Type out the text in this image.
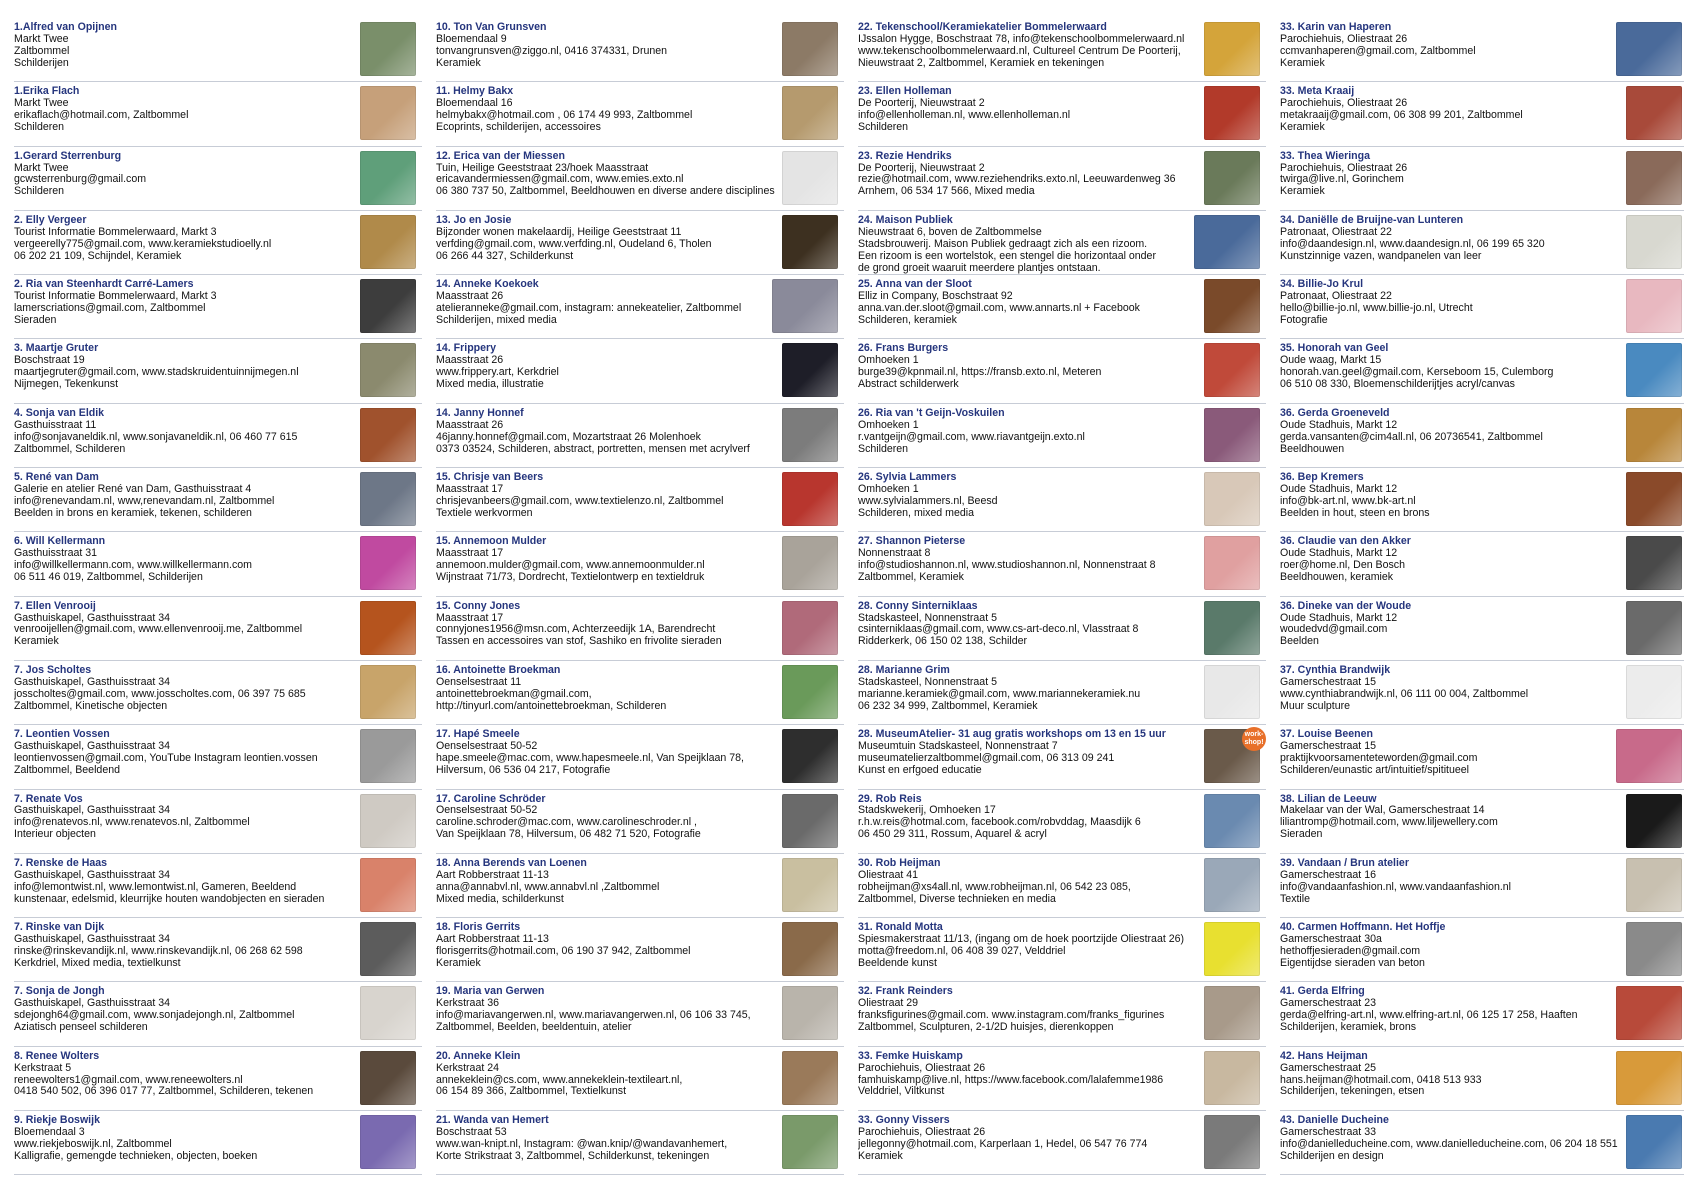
1.Alfred van Opijnen
Markt Twee
Zaltbommel
Schilderijen
1.Erika Flach
Markt Twee
erikaflach@hotmail.com, Zaltbommel
Schilderen
1.Gerard Sterrenburg
Markt Twee
gcwsterrenburg@gmail.com
Schilderen
2. Elly Vergeer
Tourist Informatie Bommelerwaard, Markt 3
vergeerelly775@gmail.com, www.keramiekstudioelly.nl
06 202 21 109, Schijndel, Keramiek
2. Ria van Steenhardt Carré-Lamers
Tourist Informatie Bommelerwaard, Markt 3
lamerscriations@gmail.com, Zaltbommel
Sieraden
3. Maartje Gruter
Boschstraat 19
maartjegruter@gmail.com, www.stadskruidentuinnijmegen.nl
Nijmegen, Tekenkunst
4. Sonja van Eldik
Gasthuisstraat 11
info@sonjavaneldik.nl, www.sonjavaneldik.nl, 06 460 77 615
Zaltbommel, Schilderen
5. René van Dam
Galerie en atelier René van Dam, Gasthuisstraat 4
info@renevandam.nl, www,renevandam.nl, Zaltbommel
Beelden in brons en keramiek, tekenen, schilderen
6. Will Kellermann
Gasthuisstraat 31
info@willkellermann.com, www.willkellermann.com
06 511 46 019, Zaltbommel, Schilderijen
7. Ellen Venrooij
Gasthuiskapel, Gasthuisstraat 34
venrooijellen@gmail.com, www.ellenvenrooij.me, Zaltbommel
Keramiek
7. Jos Scholtes
Gasthuiskapel, Gasthuisstraat 34
josscholtes@gmail.com, www.josscholtes.com, 06 397 75 685
Zaltbommel, Kinetische objecten
7. Leontien Vossen
Gasthuiskapel, Gasthuisstraat 34
leontienvossen@gmail.com, YouTube Instagram leontien.vossen
Zaltbommel, Beeldend
7. Renate Vos
Gasthuiskapel, Gasthuisstraat 34
info@renatevos.nl, www.renatevos.nl, Zaltbommel
Interieur objecten
7. Renske de Haas
Gasthuiskapel, Gasthuisstraat 34
info@lemontwist.nl, www.lemontwist.nl, Gameren, Beeldend
kunstenaar, edelsmid, kleurrijke houten wandobjecten en sieraden
7. Rinske van Dijk
Gasthuiskapel, Gasthuisstraat 34
rinske@rinskevandijk.nl, www.rinskevandijk.nl, 06 268 62 598
Kerkdriel, Mixed media, textielkunst
7. Sonja de Jongh
Gasthuiskapel, Gasthuisstraat 34
sdejongh64@gmail.com, www.sonjadejongh.nl, Zaltbommel
Aziatisch penseel schilderen
8. Renee Wolters
Kerkstraat 5
reneewolters1@gmail.com, www.reneewolters.nl
0418 540 502, 06 396 017 77, Zaltbommel, Schilderen, tekenen
9. Riekje Boswijk
Bloemendaal 3
www.riekjeboswijk.nl, Zaltbommel
Kalligrafie, gemengde technieken, objecten, boeken
10. Ton Van Grunsven
Bloemendaal 9
tonvangrunsven@ziggo.nl, 0416 374331, Drunen
Keramiek
11. Helmy Bakx
Bloemendaal 16
helmybakx@hotmail.com , 06 174 49 993, Zaltbommel
Ecoprints, schilderijen, accessoires
12. Erica van der Miessen
Tuin, Heilige Geeststraat 23/hoek Maasstraat
ericavandermiessen@gmail.com, www.emies.exto.nl
06 380 737 50, Zaltbommel, Beeldhouwen en diverse andere disciplines
13. Jo en Josie
Bijzonder wonen makelaardij, Heilige Geeststraat 11
verfding@gmail.com, www.verfding.nl, Oudeland 6, Tholen
06 266 44 327, Schilderkunst
14. Anneke Koekoek
Maasstraat 26
atelieranneke@gmail.com, instagram: annekeatelier, Zaltbommel
Schilderijen, mixed media
14. Frippery
Maasstraat 26
www.frippery.art, Kerkdriel
Mixed media, illustratie
14. Janny Honnef
Maasstraat 26
46janny.honnef@gmail.com, Mozartstraat 26 Molenhoek
0373 03524, Schilderen, abstract, portretten, mensen met acrylverf
15. Chrisje van Beers
Maasstraat 17
chrisjevanbeers@gmail.com, www.textielenzo.nl, Zaltbommel
Textiele werkvormen
15. Annemoon Mulder
Maasstraat 17
annemoon.mulder@gmail.com, www.annemoonmulder.nl
Wijnstraat 71/73, Dordrecht, Textielontwerp en textieldruk
15. Conny Jones
Maasstraat 17
connyjones1956@msn.com, Achterzeedijk 1A, Barendrecht
Tassen en accessoires van stof, Sashiko en frivolite sieraden
16. Antoinette Broekman
Oenselsestraat 11
antoinettebroekman@gmail.com,
http://tinyurl.com/antoinettebroekman, Schilderen
17. Hapé Smeele
Oenselsestraat 50-52
hape.smeele@mac.com, www.hapesmeele.nl, Van Speijklaan 78,
Hilversum, 06 536 04 217, Fotografie
17. Caroline Schröder
Oenselsestraat 50-52
caroline.schroder@mac.com, www.carolineschroder.nl ,
Van Speijklaan 78, Hilversum, 06 482 71 520, Fotografie
18. Anna Berends van Loenen
Aart Robberstraat 11-13
anna@annabvl.nl, www.annabvl.nl ,Zaltbommel
Mixed media, schilderkunst
18. Floris Gerrits
Aart Robberstraat 11-13
florisgerrits@hotmail.com, 06 190 37 942, Zaltbommel
Keramiek
19. Maria van Gerwen
Kerkstraat 36
info@mariavangerwen.nl, www.mariavangerwen.nl, 06 106 33 745,
Zaltbommel, Beelden, beeldentuin, atelier
20. Anneke Klein
Kerkstraat 24
annekeklein@cs.com, www.annekeklein-textileart.nl,
06 154 89 366, Zaltbommel, Textielkunst
21. Wanda van Hemert
Boschstraat 53
www.wan-knipt.nl, Instagram: @wan.knip/@wandavanhemert,
Korte Strikstraat 3, Zaltbommel, Schilderkunst, tekeningen
22. Tekenschool/Keramiekatelier Bommelerwaard
IJssalon Hygge, Boschstraat 78, info@tekenschoolbommelerwaard.nl
www.tekenschoolbommelerwaard.nl, Cultureel Centrum De Poorterij,
Nieuwstraat 2, Zaltbommel, Keramiek en tekeningen
23. Ellen Holleman
De Poorterij, Nieuwstraat 2
info@ellenholleman.nl, www.ellenholleman.nl
Schilderen
23. Rezie Hendriks
De Poorterij, Nieuwstraat 2
rezie@hotmail.com, www.reziehendriks.exto.nl, Leeuwardenweg 36
Arnhem, 06 534 17 566, Mixed media
24. Maison Publiek
Nieuwstraat 6, boven de Zaltbommelse
Stadsbrouwerij. Maison Publiek gedraagt zich als een rizoom.
Een rizoom is een wortelstok, een stengel die horizontaal onder
de grond groeit waaruit meerdere plantjes ontstaan.
25. Anna van der Sloot
Elliz in Company, Boschstraat 92
anna.van.der.sloot@gmail.com, www.annarts.nl + Facebook
Schilderen, keramiek
26. Frans Burgers
Omhoeken 1
burge39@kpnmail.nl, https://fransb.exto.nl, Meteren
Abstract schilderwerk
26. Ria van 't Geijn-Voskuilen
Omhoeken 1
r.vantgeijn@gmail.com, www.riavantgeijn.exto.nl
Schilderen
26. Sylvia Lammers
Omhoeken 1
www.sylvialammers.nl, Beesd
Schilderen, mixed media
27. Shannon Pieterse
Nonnenstraat 8
info@studioshannon.nl, www.studioshannon.nl, Nonnenstraat 8
Zaltbommel, Keramiek
28. Conny Sinterniklaas
Stadskasteel, Nonnenstraat 5
csinterniklaas@gmail.com, www.cs-art-deco.nl, Vlasstraat 8
Ridderkerk, 06 150 02 138, Schilder
28. Marianne Grim
Stadskasteel, Nonnenstraat 5
marianne.keramiek@gmail.com, www.mariannekeramiek.nu
06 232 34 999, Zaltbommel, Keramiek
28. MuseumAtelier- 31 aug gratis workshops om 13 en 15 uur
Museumtuin Stadskasteel, Nonnenstraat 7
museumatelierzaltbommel@gmail.com, 06 313 09 241
Kunst en erfgoed educatie
work-shop!
29. Rob Reis
Stadskwekerij, Omhoeken 17
r.h.w.reis@hotmal.com, facebook.com/robvddag, Maasdijk 6
06 450 29 311, Rossum, Aquarel & acryl
30. Rob Heijman
Oliestraat 41
robheijman@xs4all.nl, www.robheijman.nl, 06 542 23 085,
Zaltbommel, Diverse technieken en media
31. Ronald Motta
Spiesmakerstraat 11/13, (ingang om de hoek poortzijde Oliestraat 26)
motta@freedom.nl, 06 408 39 027, Velddriel
Beeldende kunst
32. Frank Reinders
Oliestraat 29
franksfigurines@gmail.com. www.instagram.com/franks_figurines
Zaltbommel, Sculpturen, 2-1/2D huisjes, dierenkoppen
33. Femke Huiskamp
Parochiehuis, Oliestraat 26
famhuiskamp@live.nl, https://www.facebook.com/lalafemme1986
Velddriel, Viltkunst
33. Gonny Vissers
Parochiehuis, Oliestraat 26
jellegonny@hotmail.com, Karperlaan 1, Hedel, 06 547 76 774
Keramiek
33. Karin van Haperen
Parochiehuis, Oliestraat 26
ccmvanhaperen@gmail.com, Zaltbommel
Keramiek
33. Meta Kraaij
Parochiehuis, Oliestraat 26
metakraaij@gmail.com, 06 308 99 201, Zaltbommel
Keramiek
33. Thea Wieringa
Parochiehuis, Oliestraat 26
twirga@live.nl, Gorinchem
Keramiek
34. Daniëlle de Bruijne-van Lunteren
Patronaat, Oliestraat 22
info@daandesign.nl, www.daandesign.nl, 06 199 65 320
Kunstzinnige vazen, wandpanelen van leer
34. Billie-Jo Krul
Patronaat, Oliestraat 22
hello@billie-jo.nl, www.billie-jo.nl, Utrecht
Fotografie
35. Honorah van Geel
Oude waag, Markt 15
honorah.van.geel@gmail.com, Kerseboom 15, Culemborg
06 510 08 330, Bloemenschilderijtjes acryl/canvas
36. Gerda Groeneveld
Oude Stadhuis, Markt 12
gerda.vansanten@cim4all.nl, 06 20736541, Zaltbommel
Beeldhouwen
36. Bep Kremers
Oude Stadhuis, Markt 12
info@bk-art.nl, www.bk-art.nl
Beelden in hout, steen en brons
36. Claudie van den Akker
Oude Stadhuis, Markt 12
roer@home.nl, Den Bosch
Beeldhouwen, keramiek
36. Dineke van der Woude
Oude Stadhuis, Markt 12
woudedvd@gmail.com
Beelden
37. Cynthia Brandwijk
Gamerschestraat 15
www.cynthiabrandwijk.nl, 06 111 00 004, Zaltbommel
Muur sculpture
37. Louise Beenen
Gamerschestraat 15
praktijkvoorsamenteteworden@gmail.com
Schilderen/eunastic art/intuitief/spititueel
38. Lilian de Leeuw
Makelaar van der Wal, Gamerschestraat 14
liliantromp@hotmail.com, www.liljewellery.com
Sieraden
39. Vandaan / Brun atelier
Gamerschestraat 16
info@vandaanfashion.nl, www.vandaanfashion.nl
Textile
40. Carmen Hoffmann. Het Hoffje
Gamerschestraat 30a
hethoffjesieraden@gmail.com
Eigentijdse sieraden van beton
41. Gerda Elfring
Gamerschestraat 23
gerda@elfring-art.nl, www.elfring-art.nl, 06 125 17 258, Haaften
Schilderijen, keramiek, brons
42. Hans Heijman
Gamerschestraat 25
hans.heijman@hotmail.com, 0418 513 933
Schilderijen, tekeningen, etsen
43. Danielle Ducheine
Gamerschestraat 33
info@danielleducheine.com, www.danielleducheine.com, 06 204 18 551
Schilderijen en design
